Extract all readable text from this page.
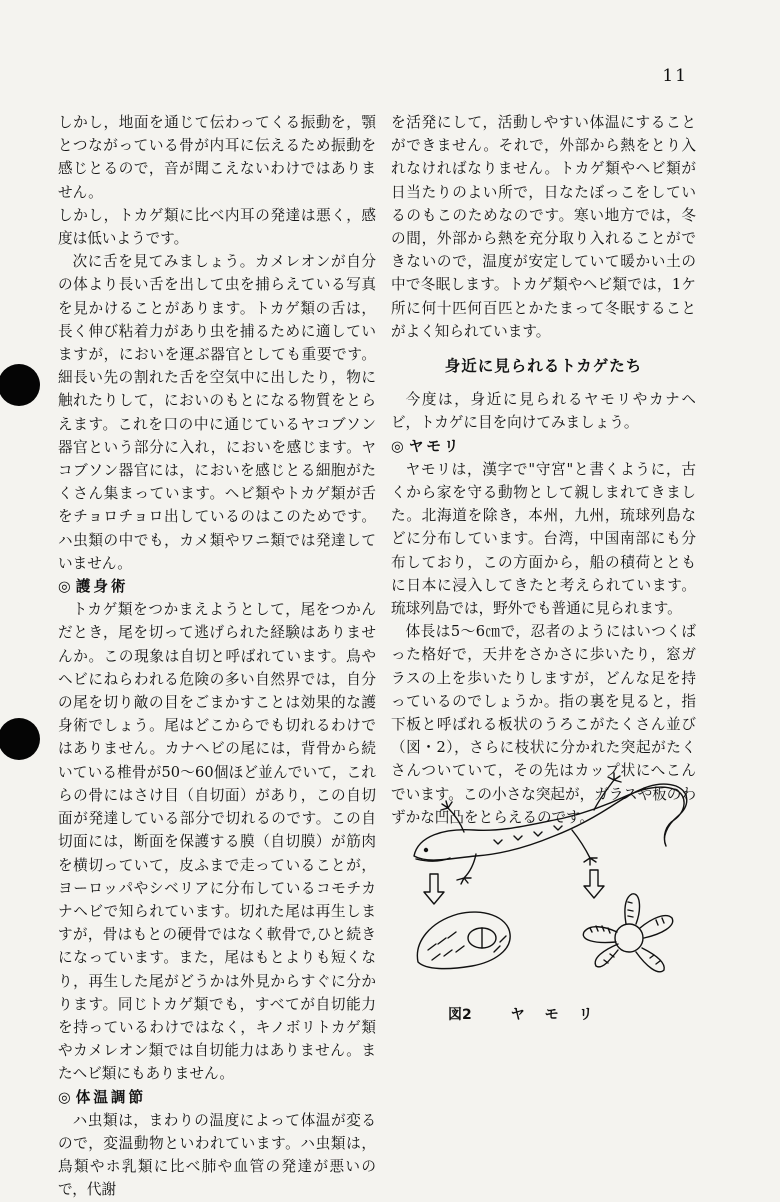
11

しかし，地面を通じて伝わってくる振動を，顎とつながっている骨が内耳に伝えるため振動を感じとるので，音が聞こえないわけではありません。

しかし，トカゲ類に比べ内耳の発達は悪く，感度は低いようです。

次に舌を見てみましょう。カメレオンが自分の体より長い舌を出して虫を捕らえている写真を見かけることがあります。トカゲ類の舌は，長く伸び粘着力があり虫を捕るために適していますが，においを運ぶ器官としても重要です。細長い先の割れた舌を空気中に出したり，物に触れたりして，においのもとになる物質をとらえます。これを口の中に通じているヤコブソン器官という部分に入れ，においを感じます。ヤコブソン器官には，においを感じとる細胞がたくさん集まっています。ヘビ類やトカゲ類が舌をチョロチョロ出しているのはこのためです。ハ虫類の中でも，カメ類やワニ類では発達していません。

◎ 護身術

トカゲ類をつかまえようとして，尾をつかんだとき，尾を切って逃げられた経験はありませんか。この現象は自切と呼ばれています。鳥やヘビにねらわれる危険の多い自然界では，自分の尾を切り敵の目をごまかすことは効果的な護身術でしょう。尾はどこからでも切れるわけではありません。カナヘビの尾には，背骨から続いている椎骨が50〜60個ほど並んでいて，これらの骨にはさけ目（自切面）があり，この自切面が発達している部分で切れるのです。この自切面には，断面を保護する膜（自切膜）が筋肉を横切っていて，皮ふまで走っていることが，ヨーロッパやシベリアに分布しているコモチカナヘビで知られています。切れた尾は再生しますが，骨はもとの硬骨ではなく軟骨で,ひと続きになっています。また，尾はもとよりも短くなり，再生した尾がどうかは外見からすぐに分かります。同じトカゲ類でも，すべてが自切能力を持っているわけではなく，キノボリトカゲ類やカメレオン類では自切能力はありません。またヘビ類にもありません。

◎ 体温調節

ハ虫類は，まわりの温度によって体温が変るので，変温動物といわれています。ハ虫類は，鳥類やホ乳類に比べ肺や血管の発達が悪いので，代謝

を活発にして，活動しやすい体温にすることができません。それで，外部から熱をとり入れなければなりません。トカゲ類やヘビ類が日当たりのよい所で，日なたぼっこをしているのもこのためなのです。寒い地方では，冬の間，外部から熱を充分取り入れることができないので，温度が安定していて暖かい土の中で冬眠します。トカゲ類やヘビ類では，1ケ所に何十匹何百匹とかたまって冬眠することがよく知られています。

身近に見られるトカゲたち

今度は，身近に見られるヤモリやカナヘビ，トカゲに目を向けてみましょう。

◎ ヤモリ

ヤモリは，漢字で"守宮"と書くように，古くから家を守る動物として親しまれてきました。北海道を除き，本州，九州，琉球列島などに分布しています。台湾，中国南部にも分布しており，この方面から，船の積荷とともに日本に浸入してきたと考えられています。琉球列島では，野外でも普通に見られます。

体長は5〜6㎝で，忍者のようにはいつくばった格好で，天井をさかさに歩いたり，窓ガラスの上を歩いたりしますが，どんな足を持っているのでしょうか。指の裏を見ると，指下板と呼ばれる板状のうろこがたくさん並び（図・2），さらに枝状に分かれた突起がたくさんついていて，その先はカップ状にへこんでいます。この小さな突起が，ガラスや板のわずかな凹凸をとらえるのです。

図2	ヤモリ
